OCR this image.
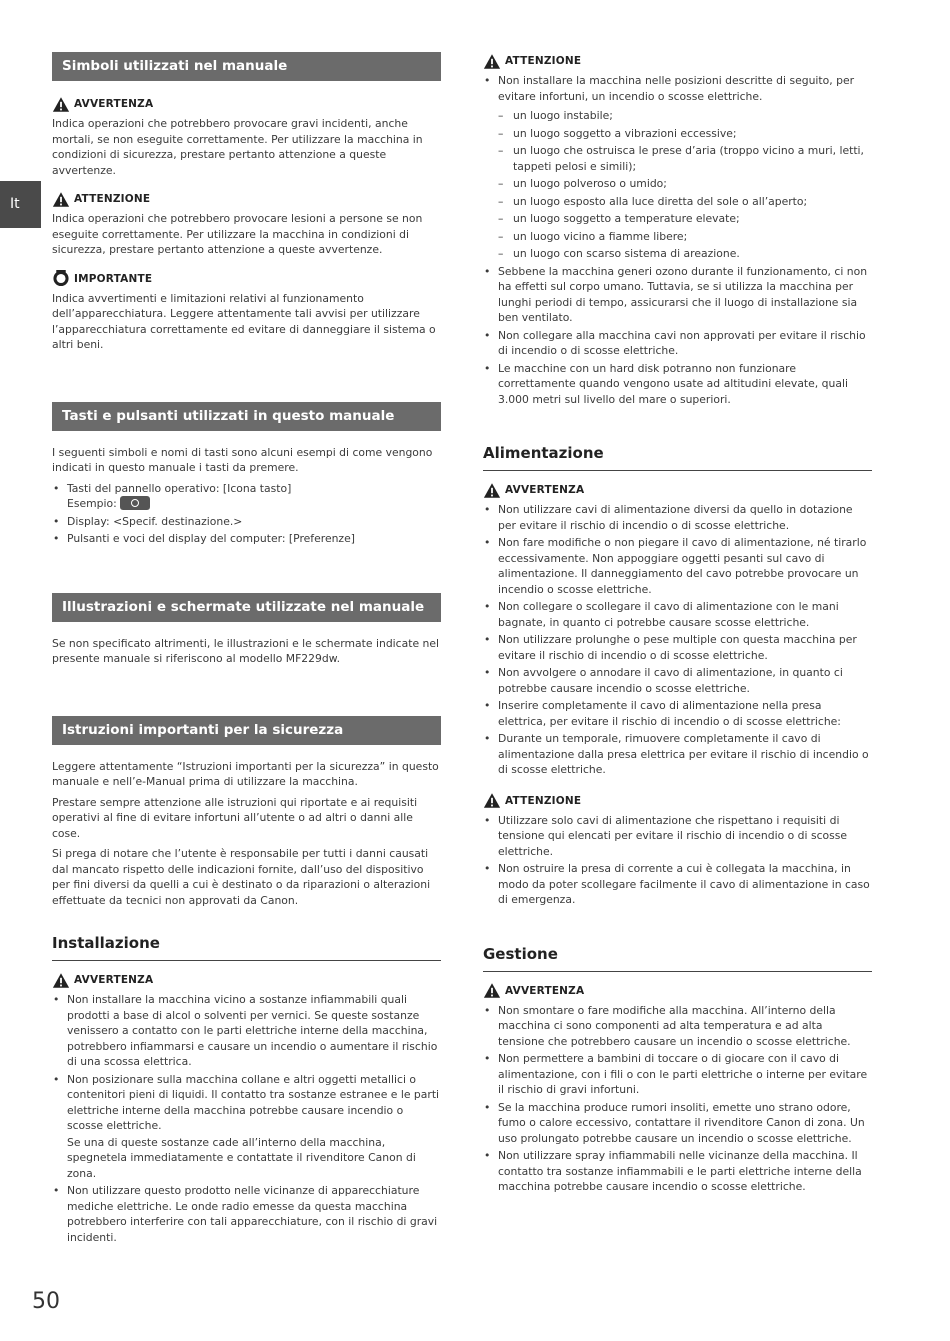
It
Simboli utilizzati nel manuale
AVVERTENZA

Indica operazioni che potrebbero provocare gravi incidenti, anche mortali, se non eseguite correttamente. Per utilizzare la macchina in condizioni di sicurezza, prestare pertanto attenzione a queste avvertenze.

ATTENZIONE

Indica operazioni che potrebbero provocare lesioni a persone se non eseguite correttamente. Per utilizzare la macchina in condizioni di sicurezza, prestare pertanto attenzione a queste avvertenze.

IMPORTANTE

Indica avvertimenti e limitazioni relativi al funzionamento dell’apparecchiatura. Leggere attentamente tali avvisi per utilizzare l’apparecchiatura correttamente ed evitare di danneggiare il sistema o altri beni.

Tasti e pulsanti utilizzati in questo manuale

I seguenti simboli e nomi di tasti sono alcuni esempi di come vengono indicati in questo manuale i tasti da premere.

• Tasti del pannello operativo: [Icona tasto]
Esempio:
• Display: <Specif. destinazione.>
• Pulsanti e voci del display del computer: [Preferenze]
Illustrazioni e schermate utilizzate nel manuale

Se non specificato altrimenti, le illustrazioni e le schermate indicate nel presente manuale si riferiscono al modello MF229dw.

Istruzioni importanti per la sicurezza

Leggere attentamente “Istruzioni importanti per la sicurezza” in questo manuale e nell’e-Manual prima di utilizzare la macchina.

Prestare sempre attenzione alle istruzioni qui riportate e ai requisiti operativi al fine di evitare infortuni all’utente o ad altri o danni alle cose.

Si prega di notare che l’utente è responsabile per tutti i danni causati dal mancato rispetto delle indicazioni fornite, dall’uso del dispositivo per fini diversi da quelli a cui è destinato o da riparazioni o alterazioni effettuate da tecnici non approvati da Canon.

Installazione
AVVERTENZA
• Non installare la macchina vicino a sostanze infiammabili quali prodotti a base di alcol o solventi per vernici. Se queste sostanze venissero a contatto con le parti elettriche interne della macchina, potrebbero infiammarsi e causare un incendio o aumentare il rischio di una scossa elettrica.
• Non posizionare sulla macchina collane e altri oggetti metallici o contenitori pieni di liquidi. Il contatto tra sostanze estranee e le parti elettriche interne della macchina potrebbe causare incendio o scosse elettriche.
Se una di queste sostanze cade all’interno della macchina, spegnetela immediatamente e contattate il rivenditore Canon di zona.
• Non utilizzare questo prodotto nelle vicinanze di apparecchiature mediche elettriche. Le onde radio emesse da questa macchina potrebbero interferire con tali apparecchiature, con il rischio di gravi incidenti.
ATTENZIONE
• Non installare la macchina nelle posizioni descritte di seguito, per evitare infortuni, un incendio o scosse elettriche.
– un luogo instabile;
– un luogo soggetto a vibrazioni eccessive;
– un luogo che ostruisca le prese d’aria (troppo vicino a muri, letti, tappeti pelosi e simili);
– un luogo polveroso o umido;
– un luogo esposto alla luce diretta del sole o all’aperto;
– un luogo soggetto a temperature elevate;
– un luogo vicino a fiamme libere;
– un luogo con scarso sistema di areazione.
• Sebbene la macchina generi ozono durante il funzionamento, ci non ha effetti sul corpo umano. Tuttavia, se si utilizza la macchina per lunghi periodi di tempo, assicurarsi che il luogo di installazione sia ben ventilato.
• Non collegare alla macchina cavi non approvati per evitare il rischio di incendio o di scosse elettriche.
• Le macchine con un hard disk potranno non funzionare correttamente quando vengono usate ad altitudini elevate, quali 3.000 metri sul livello del mare o superiori.
Alimentazione
AVVERTENZA
• Non utilizzare cavi di alimentazione diversi da quello in dotazione per evitare il rischio di incendio o di scosse elettriche.
• Non fare modifiche o non piegare il cavo di alimentazione, né tirarlo eccessivamente. Non appoggiare oggetti pesanti sul cavo di alimentazione. Il danneggiamento del cavo potrebbe provocare un incendio o scosse elettriche.
• Non collegare o scollegare il cavo di alimentazione con le mani bagnate, in quanto ci potrebbe causare scosse elettriche.
• Non utilizzare prolunghe o pese multiple con questa macchina per evitare il rischio di incendio o di scosse elettriche.
• Non avvolgere o annodare il cavo di alimentazione, in quanto ci potrebbe causare incendio o scosse elettriche.
• Inserire completamente il cavo di alimentazione nella presa elettrica, per evitare il rischio di incendio o di scosse elettriche:
• Durante un temporale, rimuovere completamente il cavo di alimentazione dalla presa elettrica per evitare il rischio di incendio o di scosse elettriche.
ATTENZIONE
• Utilizzare solo cavi di alimentazione che rispettano i requisiti di tensione qui elencati per evitare il rischio di incendio o di scosse elettriche.
• Non ostruire la presa di corrente a cui è collegata la macchina, in modo da poter scollegare facilmente il cavo di alimentazione in caso di emergenza.
Gestione
AVVERTENZA
• Non smontare o fare modifiche alla macchina. All’interno della macchina ci sono componenti ad alta temperatura e ad alta tensione che potrebbero causare un incendio o scosse elettriche.
• Non permettere a bambini di toccare o di giocare con il cavo di alimentazione, con i fili o con le parti elettriche o interne per evitare il rischio di gravi infortuni.
• Se la macchina produce rumori insoliti, emette uno strano odore, fumo o calore eccessivo, contattare il rivenditore Canon di zona. Un uso prolungato potrebbe causare un incendio o scosse elettriche.
• Non utilizzare spray infiammabili nelle vicinanze della macchina. Il contatto tra sostanze infiammabili e le parti elettriche interne della macchina potrebbe causare incendio o scosse elettriche.
50
